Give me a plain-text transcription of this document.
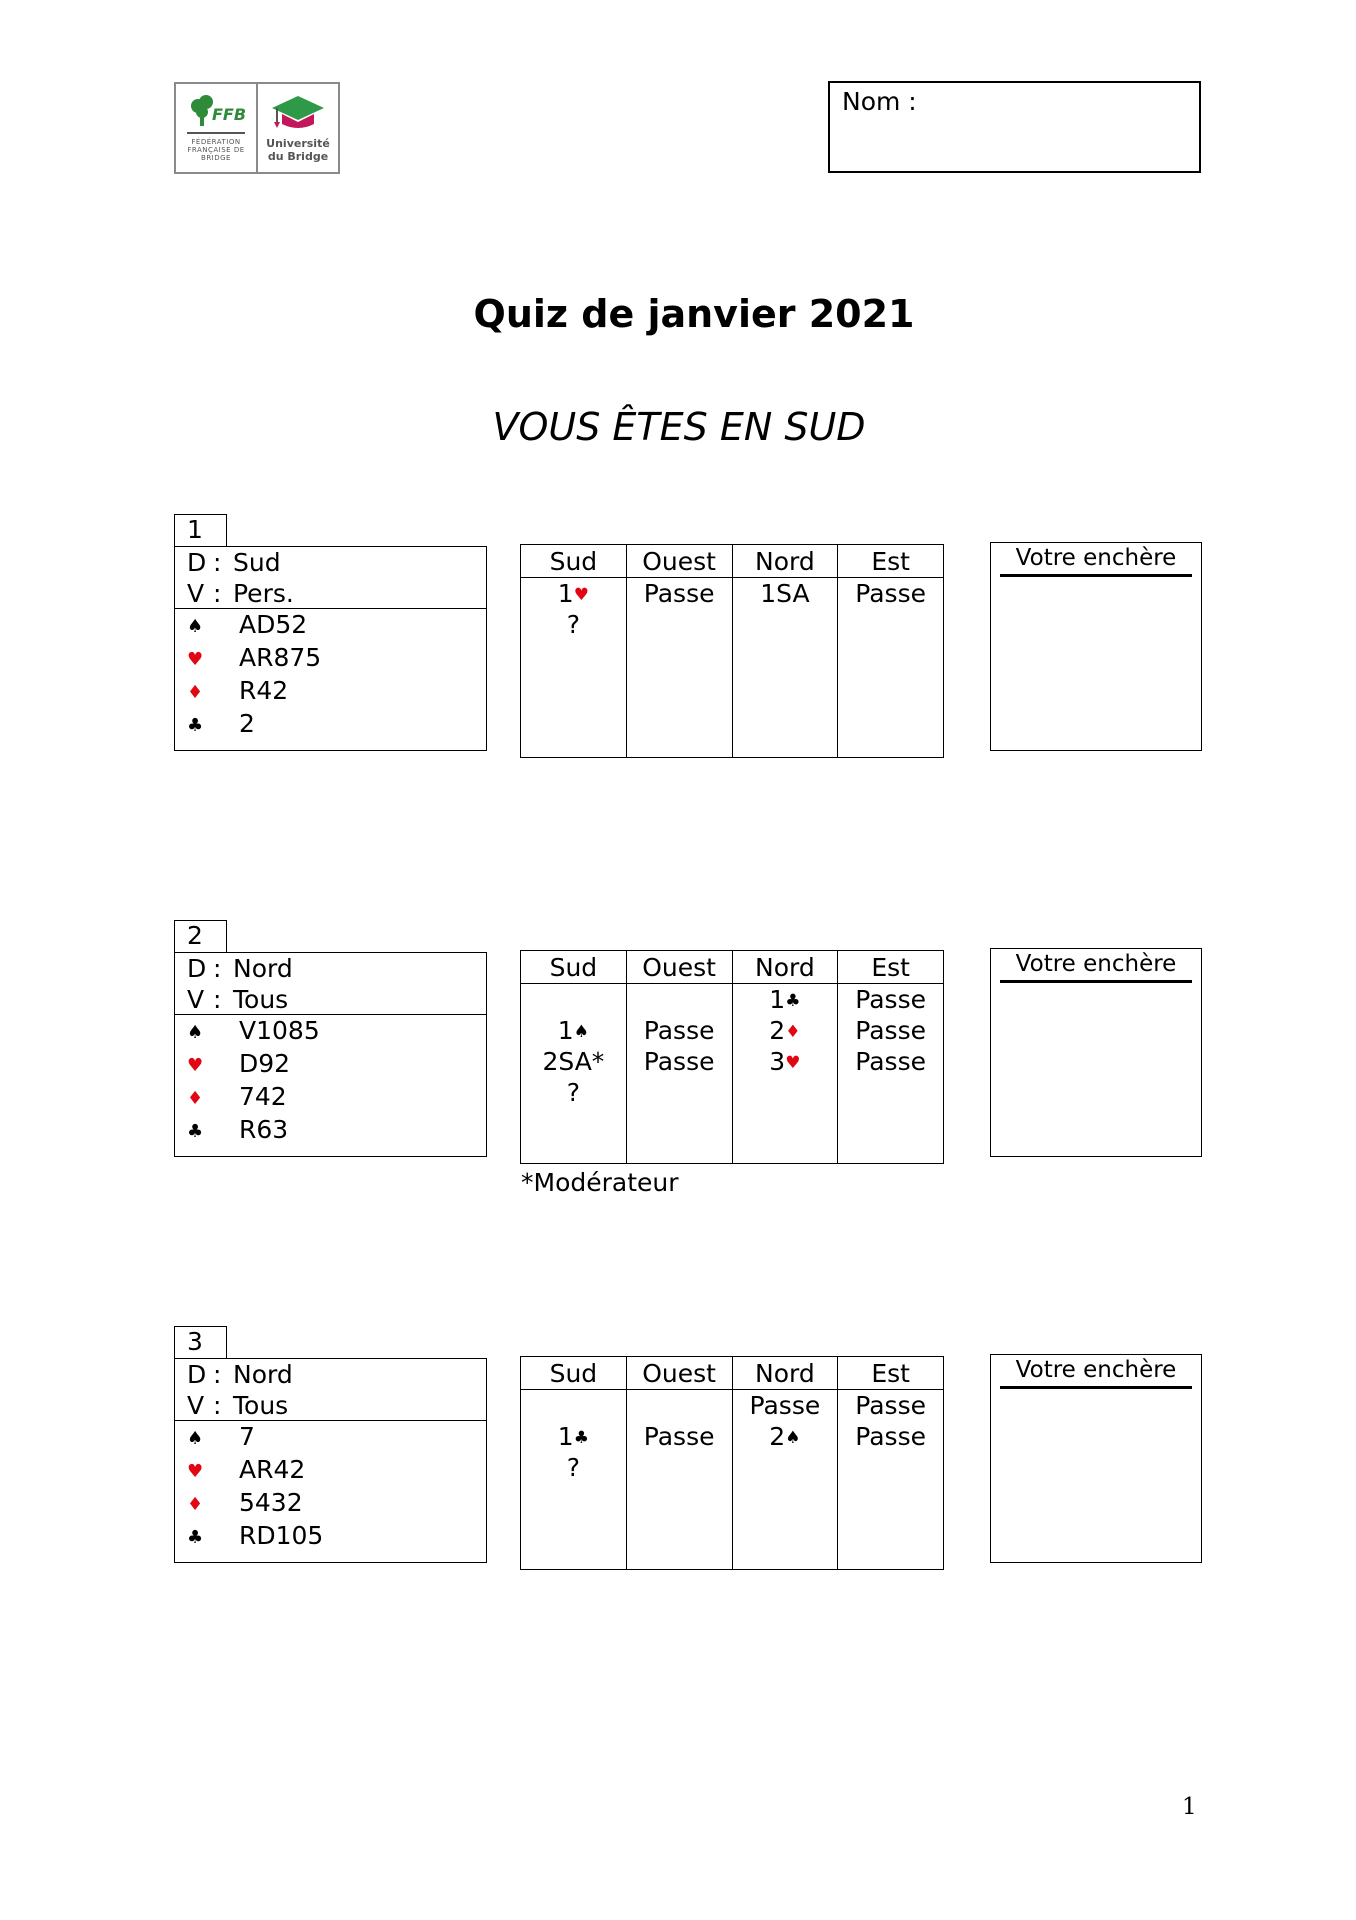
FFB
FÉDÉRATION FRANÇAISE DE BRIDGE
Université
du Bridge
Nom :
Quiz de janvier 2021
VOUS ÊTES EN SUD
1
D : Sud
V : Pers.
♠ AD52
♥ AR875
♦ R42
♣ 2
Sud
1♥
?
Ouest
Passe
Nord
1SA
Est
Passe
Votre enchère
2
D : Nord
V : Tous
♠ V1085
♥ D92
♦ 742
♣ R63
Sud
1♠
2SA*
?
Ouest
Passe
Passe
Nord
1♣
2♦
3♥
Est
Passe
Passe
Passe
*Modérateur
Votre enchère
3
D : Nord
V : Tous
♠ 7
♥ AR42
♦ 5432
♣ RD105
Sud
1♣
?
Ouest
Passe
Nord
Passe
2♠
Est
Passe
Passe
Votre enchère
1
